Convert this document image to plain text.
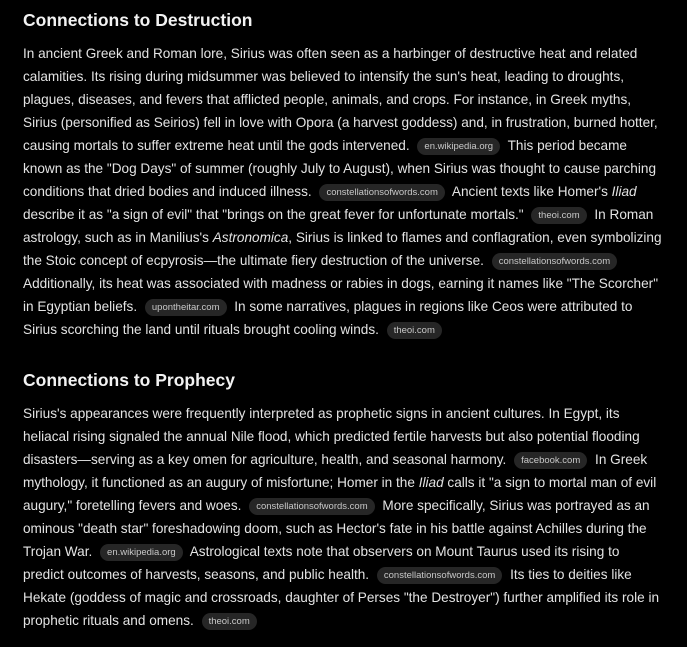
Connections to Destruction

In ancient Greek and Roman lore, Sirius was often seen as a harbinger of destructive heat and related calamities. Its rising during midsummer was believed to intensify the sun's heat, leading to droughts, plagues, diseases, and fevers that afflicted people, animals, and crops. For instance, in Greek myths, Sirius (personified as Seirios) fell in love with Opora (a harvest goddess) and, in frustration, burned hotter, causing mortals to suffer extreme heat until the gods intervened. en.wikipedia.org This period became known as the "Dog Days" of summer (roughly July to August), when Sirius was thought to cause parching conditions that dried bodies and induced illness. constellationsofwords.com Ancient texts like Homer's Iliad describe it as "a sign of evil" that "brings on the great fever for unfortunate mortals." theoi.com In Roman astrology, such as in Manilius's Astronomica, Sirius is linked to flames and conflagration, even symbolizing the Stoic concept of ecpyrosis—the ultimate fiery destruction of the universe. constellationsofwords.com Additionally, its heat was associated with madness or rabies in dogs, earning it names like "The Scorcher" in Egyptian beliefs. upontheitar.com In some narratives, plagues in regions like Ceos were attributed to Sirius scorching the land until rituals brought cooling winds. theoi.com

Connections to Prophecy

Sirius's appearances were frequently interpreted as prophetic signs in ancient cultures. In Egypt, its heliacal rising signaled the annual Nile flood, which predicted fertile harvests but also potential flooding disasters—serving as a key omen for agriculture, health, and seasonal harmony. facebook.com In Greek mythology, it functioned as an augury of misfortune; Homer in the Iliad calls it "a sign to mortal man of evil augury," foretelling fevers and woes. constellationsofwords.com More specifically, Sirius was portrayed as an ominous "death star" foreshadowing doom, such as Hector's fate in his battle against Achilles during the Trojan War. en.wikipedia.org Astrological texts note that observers on Mount Taurus used its rising to predict outcomes of harvests, seasons, and public health. constellationsofwords.com Its ties to deities like Hekate (goddess of magic and crossroads, daughter of Perses "the Destroyer") further amplified its role in prophetic rituals and omens. theoi.com
